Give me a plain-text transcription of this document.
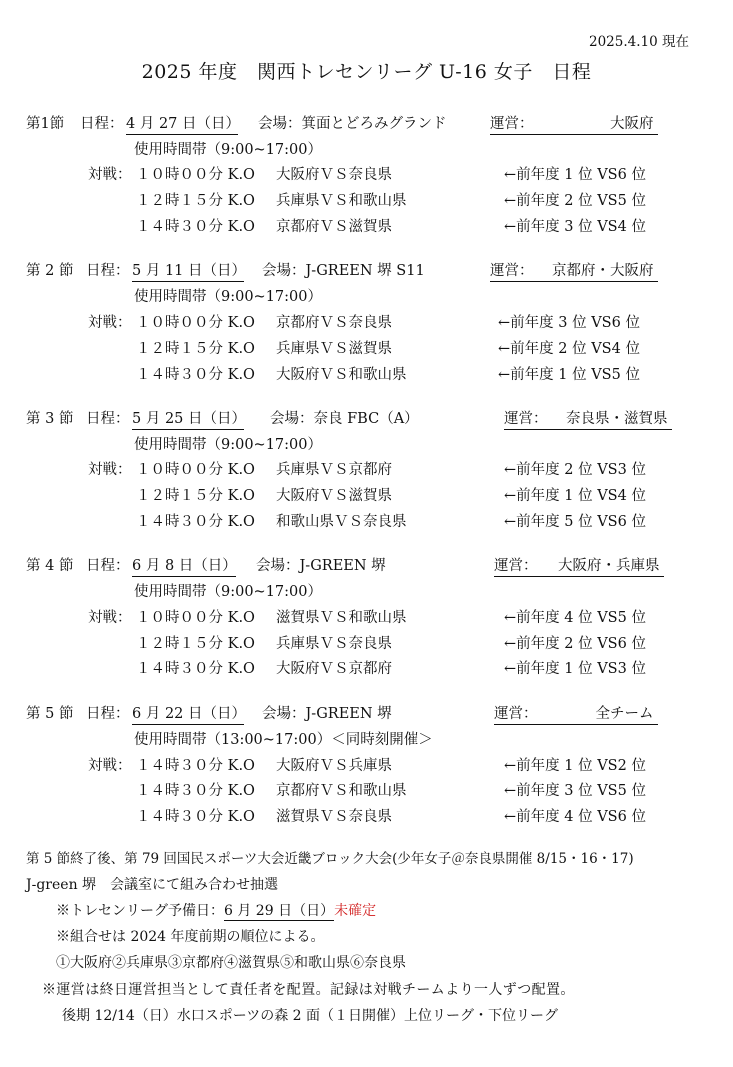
2025.4.10 現在
2025 年度　関西トレセンリーグ U-16 女子　日程
第1節 日程： 4 月 27 日（日） 会場：箕面とどろみグランド	運営：	大阪府
使用時間帯（9:00~17:00）
対戦： １０時００分 K.O 大阪府ＶＳ奈良県	←前年度 1 位 VS6 位
１２時１５分 K.O 兵庫県ＶＳ和歌山県	←前年度 2 位 VS5 位
１４時３０分 K.O 京都府ＶＳ滋賀県	←前年度 3 位 VS4 位
第 2 節 日程： 5 月 11 日（日） 会場：J-GREEN 堺 S11	運営： 京都府・大阪府
使用時間帯（9:00~17:00）
対戦： １０時００分 K.O 京都府ＶＳ奈良県	←前年度 3 位 VS6 位
１２時１５分 K.O 兵庫県ＶＳ滋賀県	←前年度 2 位 VS4 位
１４時３０分 K.O 大阪府ＶＳ和歌山県	←前年度 1 位 VS5 位
第 3 節 日程： 5 月 25 日（日） 会場：奈良 FBC（A）	運営： 奈良県・滋賀県
使用時間帯（9:00~17:00）
対戦： １０時００分 K.O 兵庫県ＶＳ京都府	←前年度 2 位 VS3 位
１２時１５分 K.O 大阪府ＶＳ滋賀県	←前年度 1 位 VS4 位
１４時３０分 K.O 和歌山県ＶＳ奈良県	←前年度 5 位 VS6 位
第 4 節 日程： 6 月 8 日（日） 会場：J-GREEN 堺	運営： 大阪府・兵庫県
使用時間帯（9:00~17:00）
対戦： １０時００分 K.O 滋賀県ＶＳ和歌山県	←前年度 4 位 VS5 位
１２時１５分 K.O 兵庫県ＶＳ奈良県	←前年度 2 位 VS6 位
１４時３０分 K.O 大阪府ＶＳ京都府	←前年度 1 位 VS3 位
第 5 節 日程： 6 月 22 日（日） 会場：J-GREEN 堺	運営：	全チーム
使用時間帯（13:00~17:00）＜同時刻開催＞
対戦： １４時３０分 K.O 大阪府ＶＳ兵庫県	←前年度 1 位 VS2 位
１４時３０分 K.O 京都府ＶＳ和歌山県	←前年度 3 位 VS5 位
１４時３０分 K.O 滋賀県ＶＳ奈良県	←前年度 4 位 VS6 位
第 5 節終了後、第 79 回国民スポーツ大会近畿ブロック大会(少年女子＠奈良県開催 8/15・16・17)
J-green 堺　会議室にて組み合わせ抽選
※トレセンリーグ予備日：6 月 29 日（日）未確定
※組合せは 2024 年度前期の順位による。
①大阪府②兵庫県③京都府④滋賀県⑤和歌山県⑥奈良県
※運営は終日運営担当として責任者を配置。記録は対戦チームより一人ずつ配置。
後期 12/14（日）水口スポーツの森 2 面（１日開催）上位リーグ・下位リーグ
